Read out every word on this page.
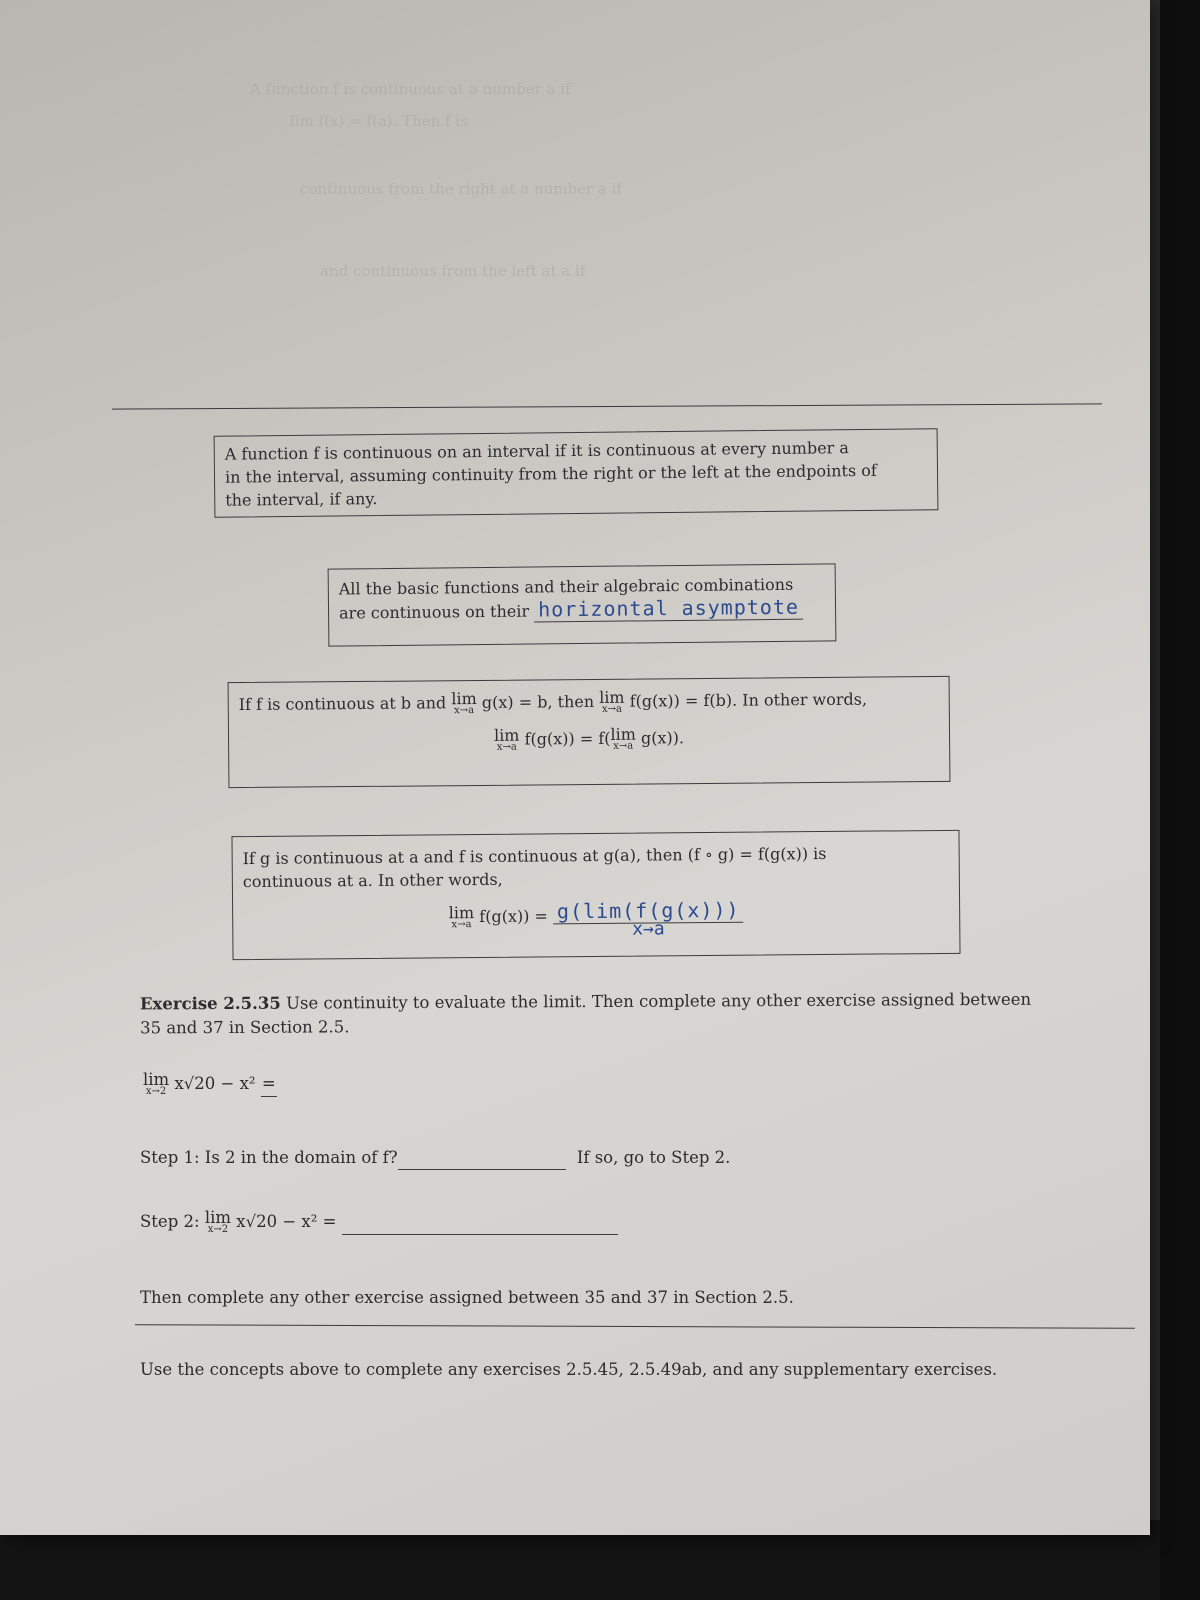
A function f is continuous at a number a if
lim f(x) = f(a). Then f is
continuous from the right at a number a if
and continuous from the left at a if

A function f is continuous on an interval if it is continuous at every number a

in the interval, assuming continuity from the right or the left at the endpoints of

the interval, if any.

All the basic functions and their algebraic combinations

are continuous on their horizontal asymptote

If f is continuous at b and lim
x→a g(x) = b, then lim
x→a f(g(x)) = f(b). In other words,

lim
x→a f(g(x)) = f(lim
x→a g(x)).

If g is continuous at a and f is continuous at g(a), then (f ∘ g) = f(g(x)) is

continuous at a. In other words,

lim
x→a f(g(x)) = g(lim(f(g(x)))
x→a

Exercise 2.5.35 Use continuity to evaluate the limit. Then complete any other exercise assigned between
35 and 37 in Section 2.5.
lim
x→2 x√20 − x² =
Step 1: Is 2 in the domain of f?	If so, go to Step 2.
Step 2: lim
x→2 x√20 − x² =
Then complete any other exercise assigned between 35 and 37 in Section 2.5.
Use the concepts above to complete any exercises 2.5.45, 2.5.49ab, and any supplementary exercises.
